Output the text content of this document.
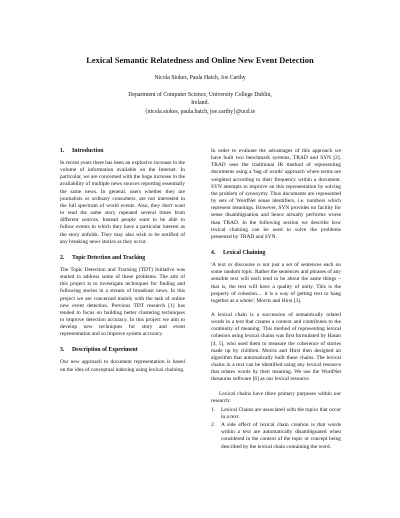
Lexical Semantic Relatedness and Online New Event Detection
Nicola Stokes, Paula Hatch, Joe Carthy
Department of Computer Science, University College Dublin,
Ireland.
{nicola.stokes, paula.hatch, joe.carthy}@ucd.ie
1. Introduction

In recent years there has been an explosive increase in the volume of information available on the Internet. In particular, we are concerned with the huge increase in the availability of multiple news sources reporting essentially the same news. In general, users whether they are journalists or ordinary consumers, are not interested in the full spectrum of world events. Also, they don't want to read the same story repeated several times from different sources. Instead people want to be able to follow events in which they have a particular interest as the story unfolds. They may also wish to be notified of any breaking news stories as they occur.

2. Topic Detection and Tracking

The Topic Detection and Tracking (TDT) Initiative was started to address some of these problems. The aim of this project is to investigate techniques for finding and following stories in a stream of broadcast news. In this project we are concerned mainly with the task of online new event detection. Previous TDT research [1] has tended to focus on building better clustering techniques to improve detection accuracy. In this project we aim to develop new techniques for story and event representation and so improve system accuracy.

3. Description of Experiment

Our new approach to document representation is based on the idea of conceptual indexing using lexical chaining.

In order to evaluate the advantages of this approach we have built two benchmark systems, TRAD and SYN [2]. TRAD uses the traditional IR method of representing documents using a 'bag of words' approach where terms are weighted according to their frequency within a document. SYN attempts to improve on this representation by solving the problem of synonymy. Thus documents are represented by sets of WordNet sense identifiers, i.e. numbers which represent meanings. However, SYN provides no facility for sense disambiguation and hence actually performs worse than TRAD. In the following section we describe how lexical chaining can be used to solve the problems presented by TRAD and SYN.

4. Lexical Chaining

'A text or discourse is not just a set of sentences each on some random topic. Rather the sentences and phrases of any sensible text will each tend to be about the same things – that is, the text will have a quality of unity. This is the property of cohesion… it is a way of getting text to hang together as a whole', Morris and Hirst [3].

A lexical chain is a succession of semantically related words in a text that creates a context and contributes to the continuity of meaning. This method of representing lexical cohesion using lexical chains was first formulated by Hasan [4, 5], who used them to measure the coherence of stories made up by children. Morris and Hirst then designed an algorithm that automatically built these chains. The lexical chains in a text can be identified using any lexical resource that relates words by their meaning. We use the WordNet thesaurus software [6] as our lexical resource.

Lexical chains have three primary purposes within our research:

1. Lexical Chains are associated with the topics that occur in a text.
2. A side effect of lexical chain creation is that words within a text are automatically disambiguated when considered in the context of the topic or concept being described by the lexical chain containing the word.
